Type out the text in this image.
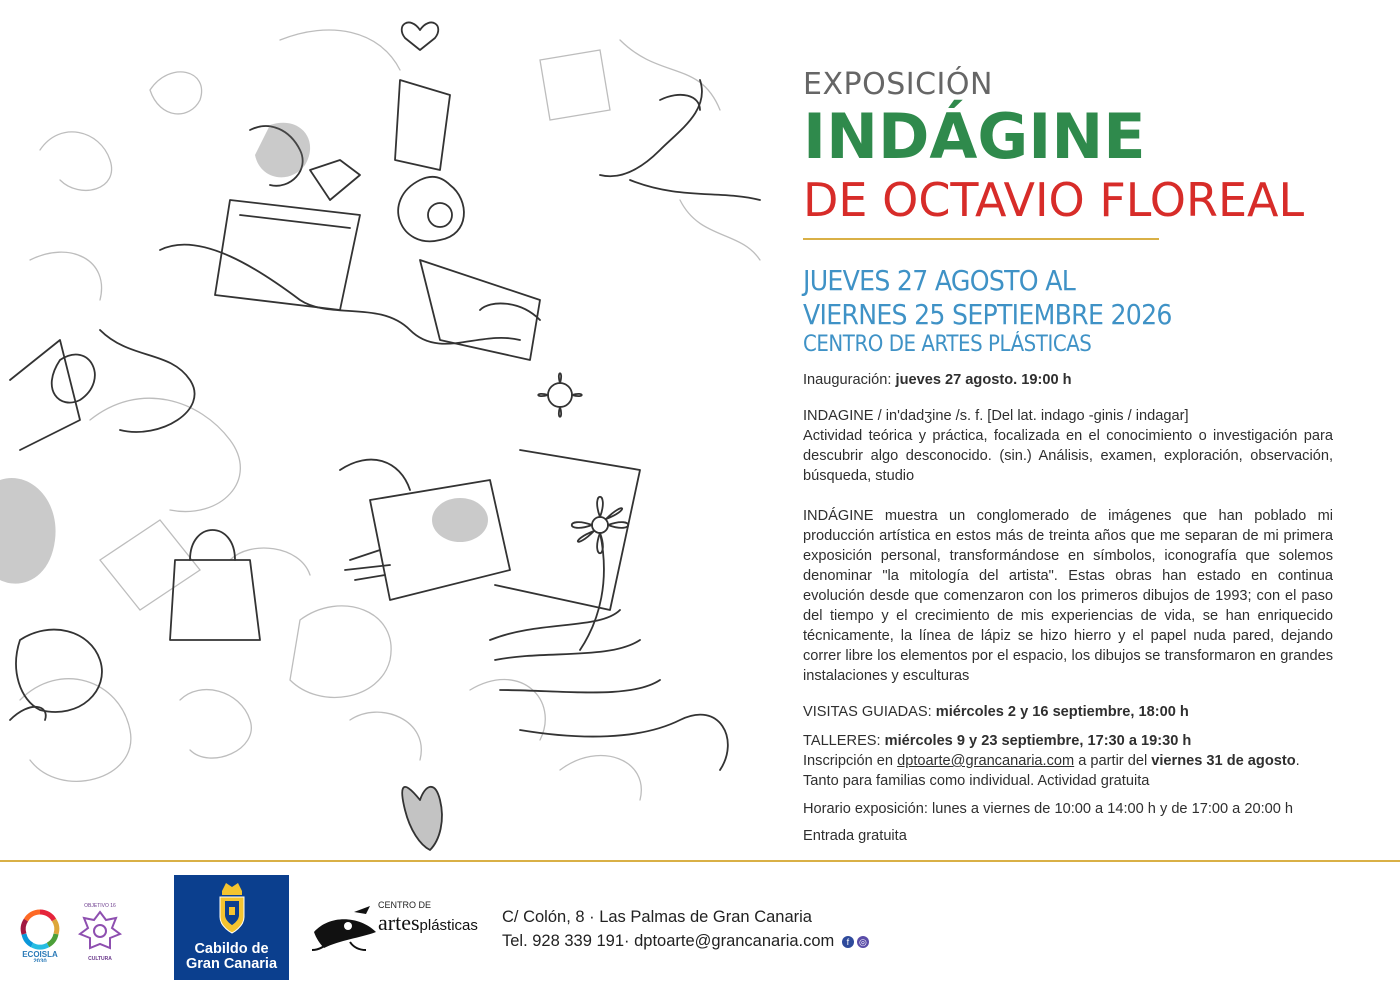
EXPOSICIÓN
INDÁGINE
DE OCTAVIO FLOREAL
JUEVES 27 AGOSTO AL
VIERNES 25 SEPTIEMBRE 2026
CENTRO DE ARTES PLÁSTICAS
Inauguración: jueves 27 agosto. 19:00 h
INDAGINE / in'dadʒine /s. f. [Del lat. indago -ginis / indagar]
Actividad teórica y práctica, focalizada en el conocimiento o investigación para descubrir algo desconocido. (sin.) Análisis, examen, exploración, observación, búsqueda, studio
INDÁGINE muestra un conglomerado de imágenes que han poblado mi producción artística en estos más de treinta años que me separan de mi primera exposición personal, transformándose en símbolos, iconografía que solemos denominar "la mitología del artista". Estas obras han estado en continua evolución desde que comenzaron con los primeros dibujos de 1993; con el paso del tiempo y el crecimiento de mis experiencias de vida, se han enriquecido técnicamente, la línea de lápiz se hizo hierro y el papel nuda pared, dejando correr libre los elementos por el espacio, los dibujos se transformaron en grandes instalaciones y esculturas
VISITAS GUIADAS: miércoles 2 y 16 septiembre, 18:00 h
TALLERES: miércoles 9 y 23 septiembre, 17:30 a 19:30 h
Inscripción en dptoarte@grancanaria.com a partir del viernes 31 de agosto.
Tanto para familias como individual. Actividad gratuita
Horario exposición: lunes a viernes de 10:00 a 14:00 h y de 17:00 a 20:00 h
Entrada gratuita
ECOISLA
2030
OBJETIVO 16
CULTURA
Cabildo de
Gran Canaria
CENTRO DE
artesplásticas C/ Colón, 8 · Las Palmas de Gran Canaria
Tel. 928 339 191· dptoarte@grancanaria.com f ◎
